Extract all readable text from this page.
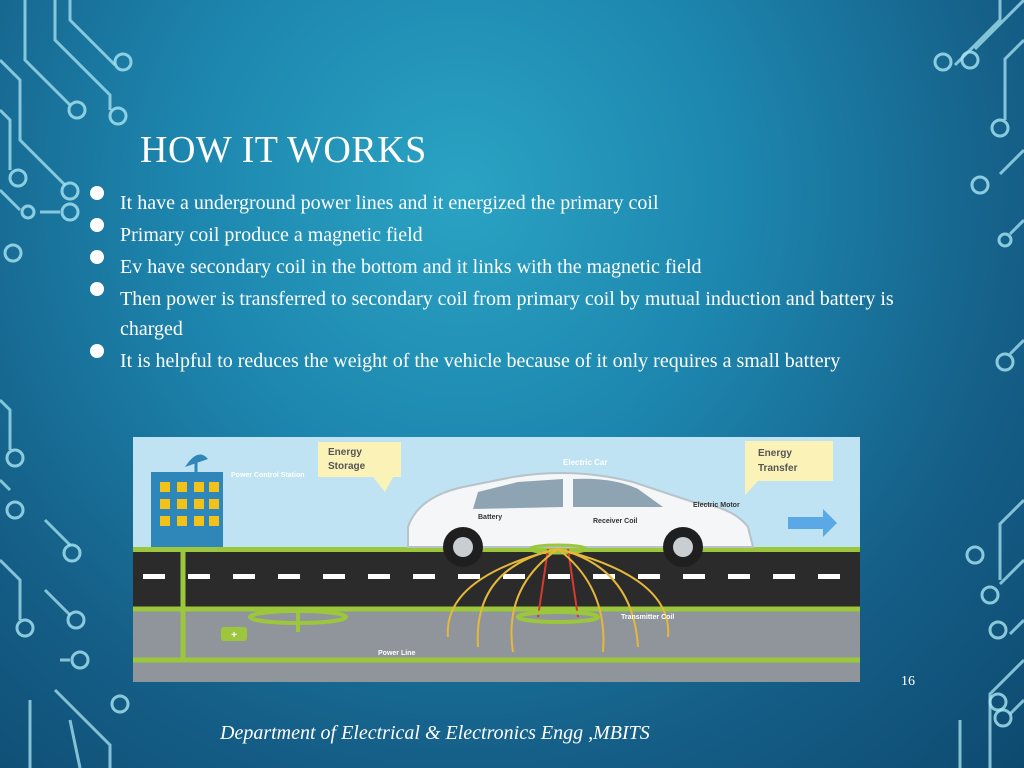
HOW IT WORKS
It have a underground power lines and it energized the primary coil
Primary coil produce a magnetic field
Ev have secondary coil in the bottom and it links with the magnetic field
Then power is transferred to secondary coil from primary coil by mutual induction and battery is charged
It is helpful to reduces the weight of the vehicle because of it only requires a small battery
+
Power Control Station
Energy
Storage
Energy
Transfer
Electric Car
Battery
Receiver Coil
Electric Motor
Transmitter Coil
Power Line
16
Department of Electrical & Electronics Engg ,MBITS
